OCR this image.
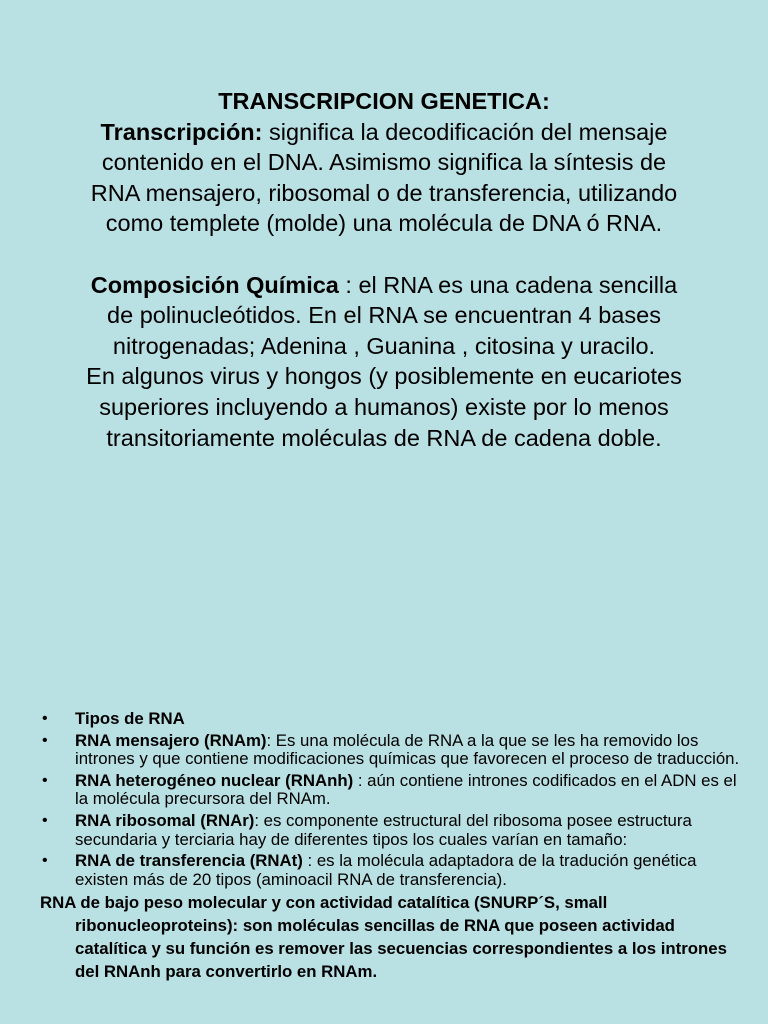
TRANSCRIPCION GENETICA:
Transcripción: significa la decodificación del mensaje
contenido en el DNA. Asimismo significa la síntesis de
RNA mensajero, ribosomal o de transferencia, utilizando
como templete (molde) una molécula de DNA ó RNA.
Composición Química : el RNA es una cadena sencilla
de polinucleótidos. En el RNA se encuentran 4 bases
nitrogenadas; Adenina , Guanina , citosina y uracilo.
En algunos virus y hongos (y posiblemente en eucariotes
superiores incluyendo a humanos) existe por lo menos
transitoriamente moléculas de RNA de cadena doble.
• Tipos de RNA
• RNA mensajero (RNAm): Es una molécula de RNA a la que se les ha removido los intrones y que contiene modificaciones químicas que favorecen el proceso de traducción.
• RNA heterogéneo nuclear (RNAnh) : aún contiene intrones codificados en el ADN es el la molécula precursora del RNAm.
• RNA ribosomal (RNAr): es componente estructural del ribosoma posee estructura secundaria y terciaria hay de diferentes tipos los cuales varían en tamaño:
• RNA de transferencia (RNAt) : es la molécula adaptadora de la tradución genética existen más de 20 tipos (aminoacil RNA de transferencia).
RNA de bajo peso molecular y con actividad catalítica (SNURP´S, small ribonucleoproteins): son moléculas sencillas de RNA que poseen actividad catalítica y su función es remover las secuencias correspondientes a los intrones del RNAnh para convertirlo en RNAm.
